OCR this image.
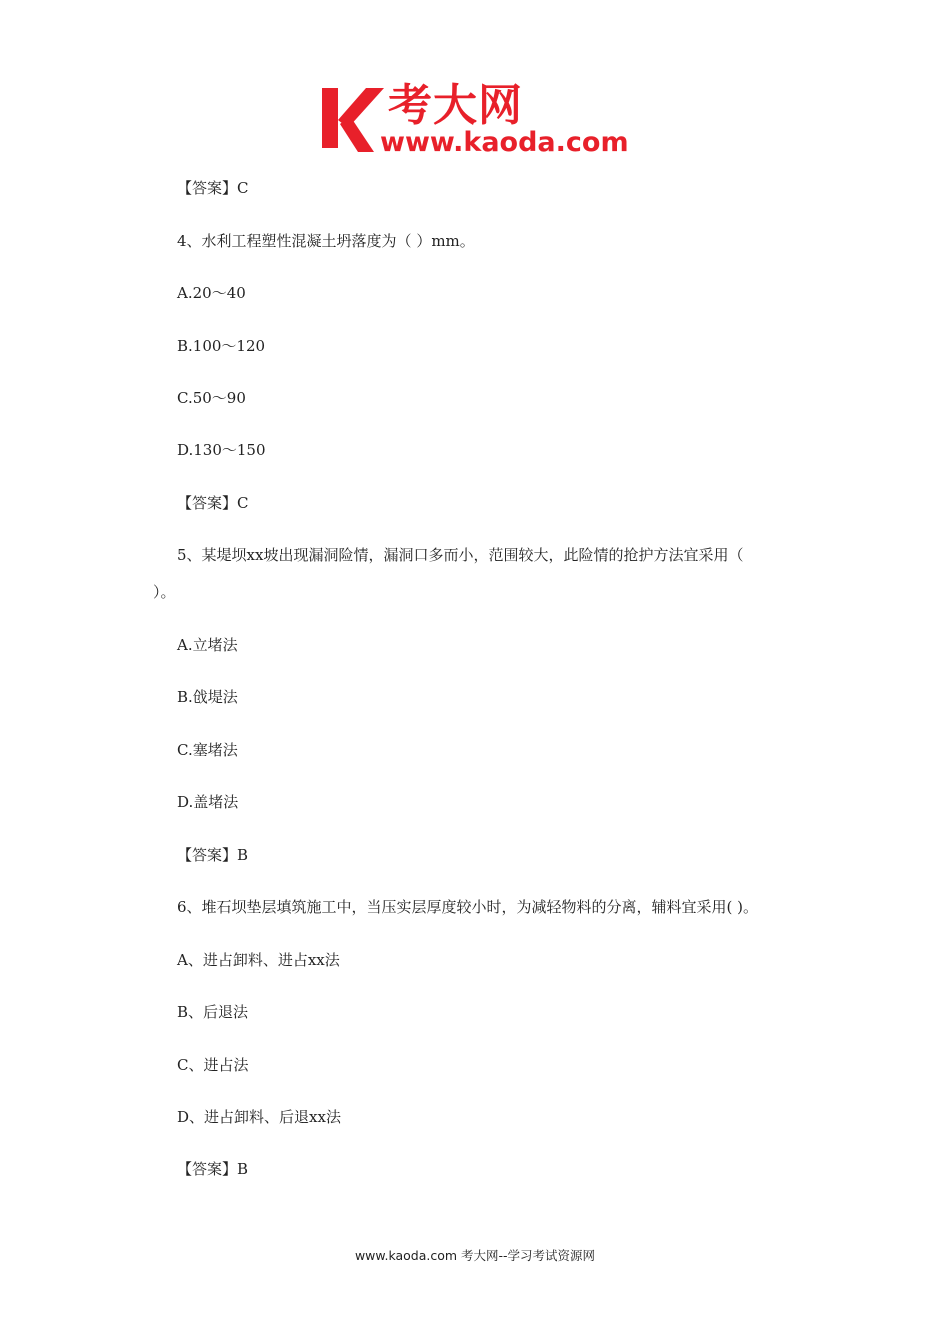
考大网
www.kaoda.com
【答案】C
4、水利工程塑性混凝土坍落度为（ ）mm。
A.20～40
B.100～120
C.50～90
D.130～150
【答案】C
5、某堤坝xx坡出现漏洞险情，漏洞口多而小，范围较大，此险情的抢护方法宜采用（
）。
A.立堵法
B.戗堤法
C.塞堵法
D.盖堵法
【答案】B
6、堆石坝垫层填筑施工中，当压实层厚度较小时，为减轻物料的分离，辅料宜采用( )。
A、进占卸料、进占xx法
B、后退法
C、进占法
D、进占卸料、后退xx法
【答案】B
www.kaoda.com 考大网--学习考试资源网
